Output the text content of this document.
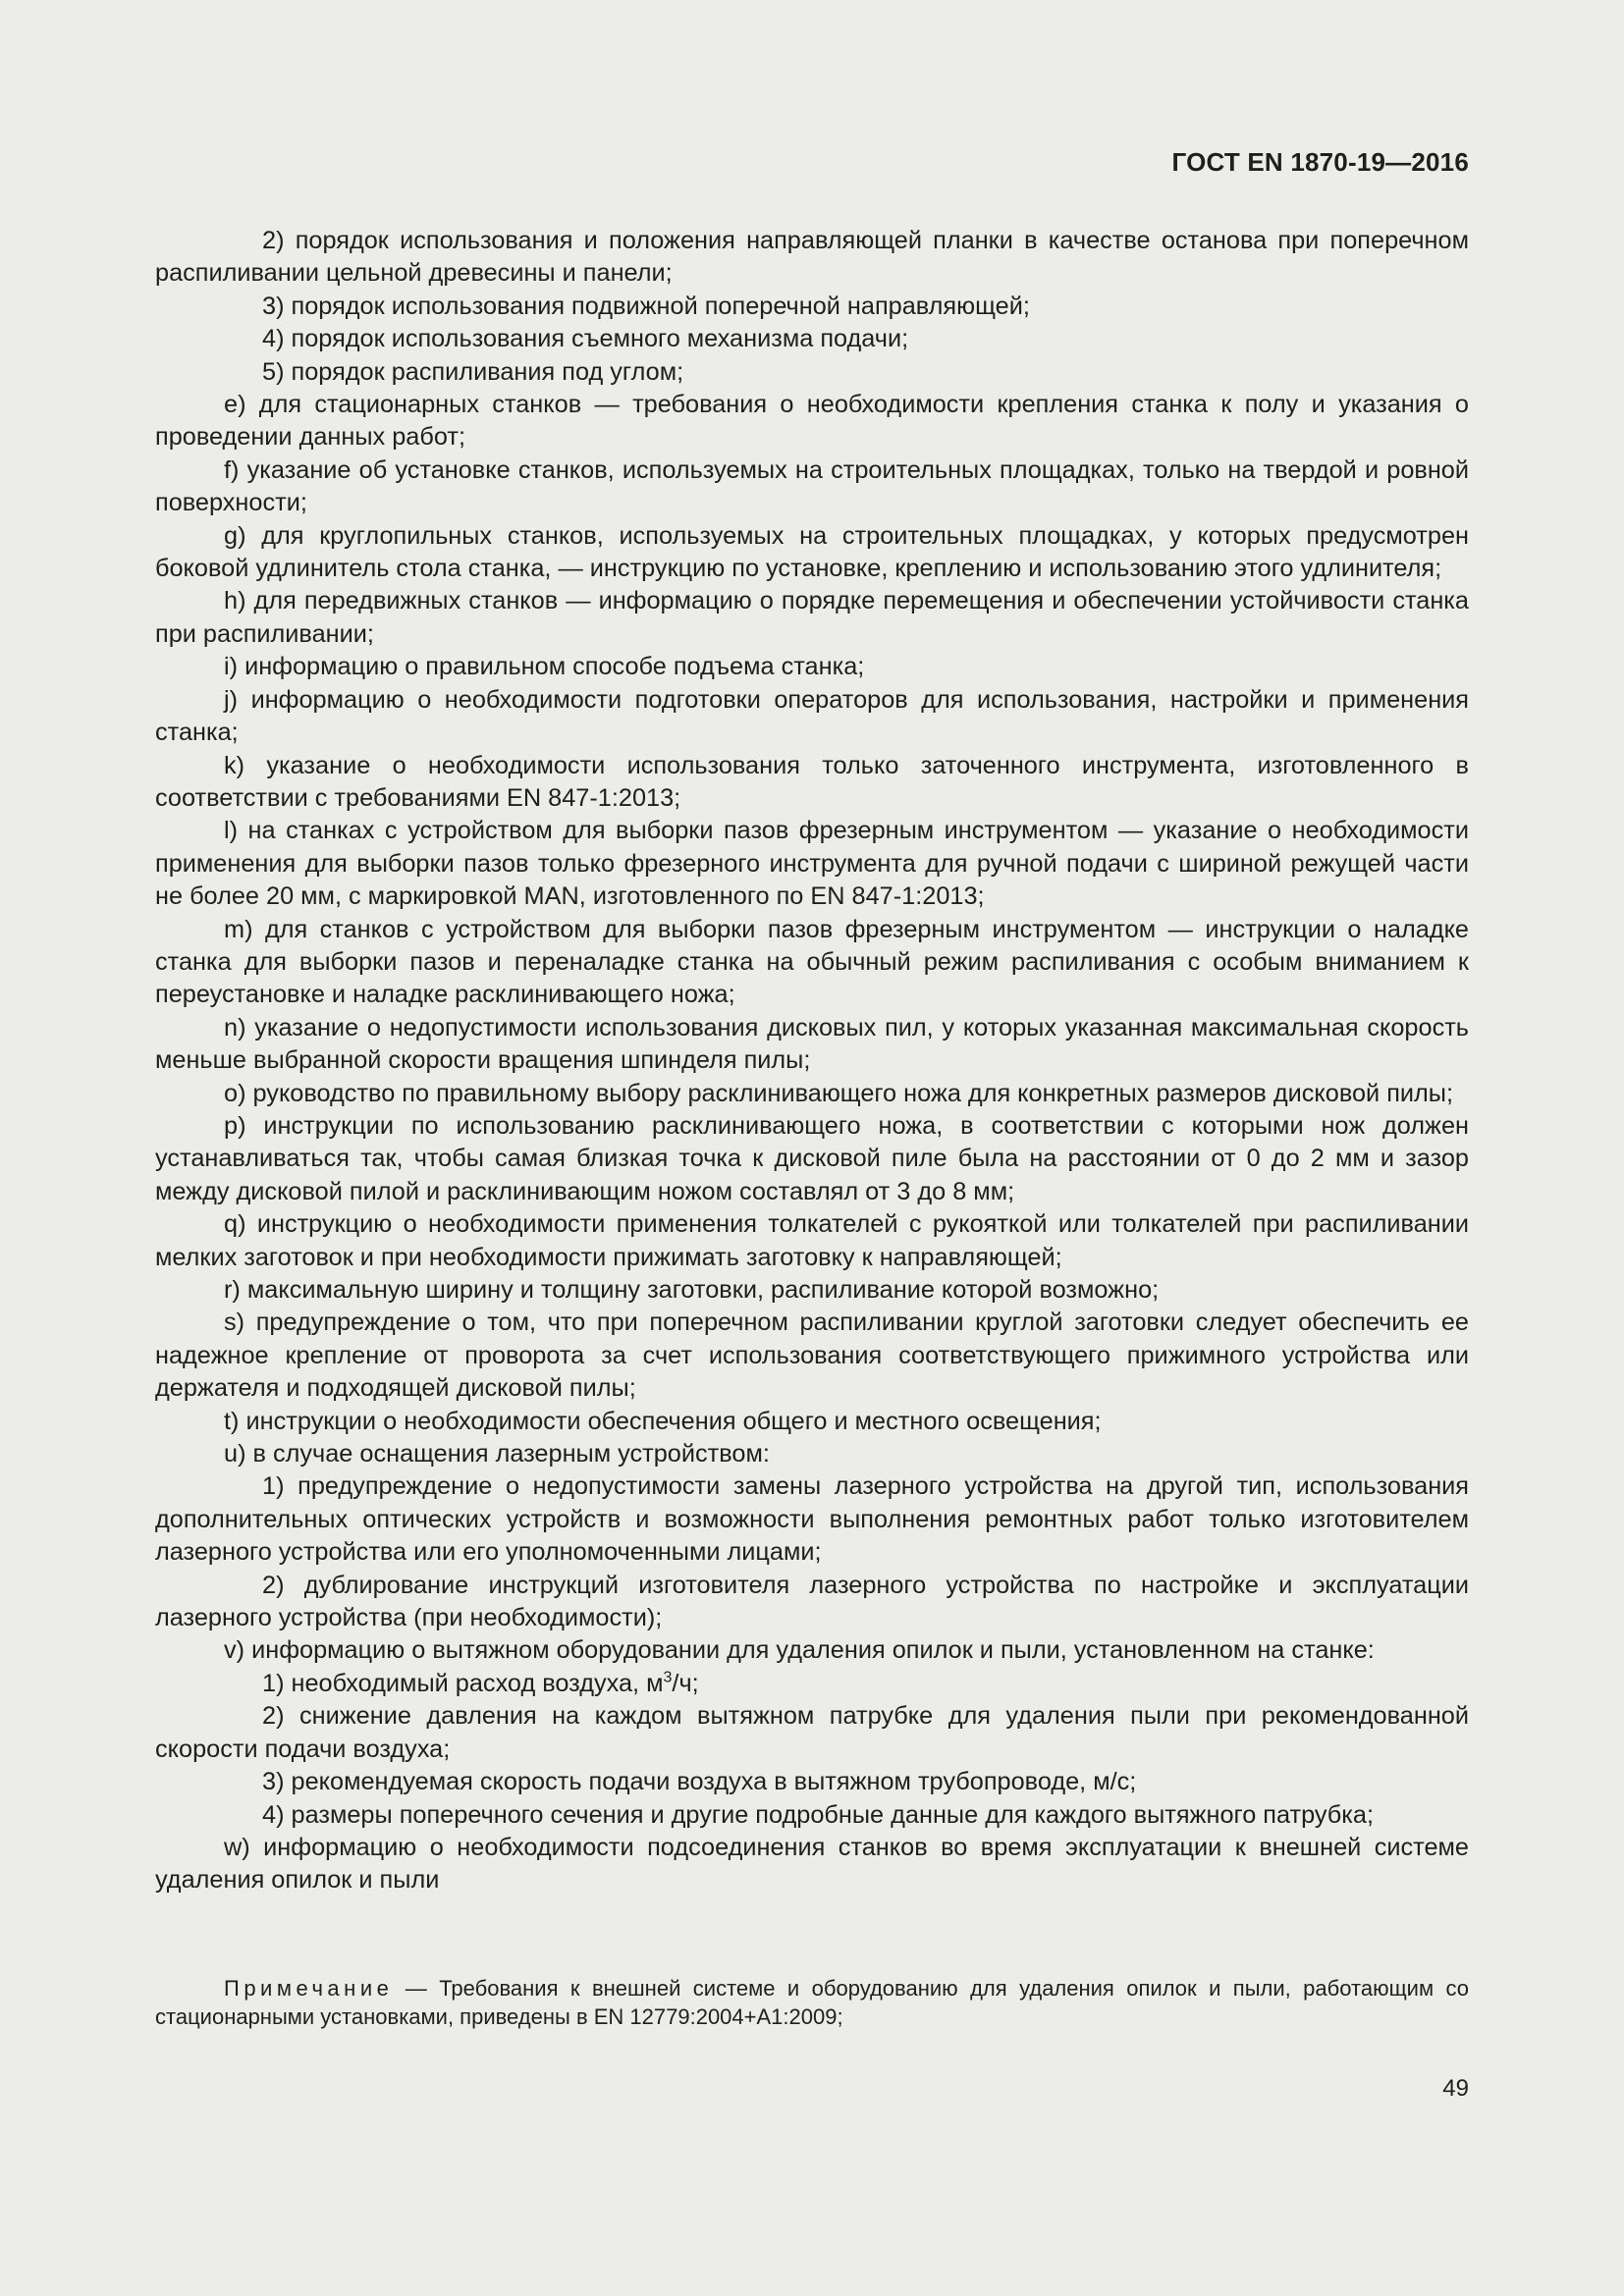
ГОСТ EN 1870-19—2016

2) порядок использования и положения направляющей планки в качестве останова при поперечном распиливании цельной древесины и панели;

3) порядок использования подвижной поперечной направляющей;

4) порядок использования съемного механизма подачи;

5) порядок распиливания под углом;

e) для стационарных станков — требования о необходимости крепления станка к полу и указания о проведении данных работ;

f) указание об установке станков, используемых на строительных площадках, только на твердой и ровной поверхности;

g) для круглопильных станков, используемых на строительных площадках, у которых предусмотрен боковой удлинитель стола станка, — инструкцию по установке, креплению и использованию этого удлинителя;

h) для передвижных станков — информацию о порядке перемещения и обеспечении устойчивости станка при распиливании;

i) информацию о правильном способе подъема станка;

j) информацию о необходимости подготовки операторов для использования, настройки и применения станка;

k) указание о необходимости использования только заточенного инструмента, изготовленного в соответствии с требованиями EN 847-1:2013;

l) на станках с устройством для выборки пазов фрезерным инструментом — указание о необходимости применения для выборки пазов только фрезерного инструмента для ручной подачи с шириной режущей части не более 20 мм, с маркировкой MAN, изготовленного по EN 847-1:2013;

m) для станков с устройством для выборки пазов фрезерным инструментом — инструкции о наладке станка для выборки пазов и переналадке станка на обычный режим распиливания с особым вниманием к переустановке и наладке расклинивающего ножа;

n) указание о недопустимости использования дисковых пил, у которых указанная максимальная скорость меньше выбранной скорости вращения шпинделя пилы;

o) руководство по правильному выбору расклинивающего ножа для конкретных размеров дисковой пилы;

p) инструкции по использованию расклинивающего ножа, в соответствии с которыми нож должен устанавливаться так, чтобы самая близкая точка к дисковой пиле была на расстоянии от 0 до 2 мм и зазор между дисковой пилой и расклинивающим ножом составлял от 3 до 8 мм;

q) инструкцию о необходимости применения толкателей с рукояткой или толкателей при распиливании мелких заготовок и при необходимости прижимать заготовку к направляющей;

r) максимальную ширину и толщину заготовки, распиливание которой возможно;

s) предупреждение о том, что при поперечном распиливании круглой заготовки следует обеспечить ее надежное крепление от проворота за счет использования соответствующего прижимного устройства или держателя и подходящей дисковой пилы;

t) инструкции о необходимости обеспечения общего и местного освещения;

u) в случае оснащения лазерным устройством:

1) предупреждение о недопустимости замены лазерного устройства на другой тип, использования дополнительных оптических устройств и возможности выполнения ремонтных работ только изготовителем лазерного устройства или его уполномоченными лицами;

2) дублирование инструкций изготовителя лазерного устройства по настройке и эксплуатации лазерного устройства (при необходимости);

v) информацию о вытяжном оборудовании для удаления опилок и пыли, установленном на станке:

1) необходимый расход воздуха, $м^3/ч$;

2) снижение давления на каждом вытяжном патрубке для удаления пыли при рекомендованной скорости подачи воздуха;

3) рекомендуемая скорость подачи воздуха в вытяжном трубопроводе, м/с;

4) размеры поперечного сечения и другие подробные данные для каждого вытяжного патрубка;

w) информацию о необходимости подсоединения станков во время эксплуатации к внешней системе удаления опилок и пыли

Примечание — Требования к внешней системе и оборудованию для удаления опилок и пыли, работающим со стационарными установками, приведены в EN 12779:2004+A1:2009;

49
